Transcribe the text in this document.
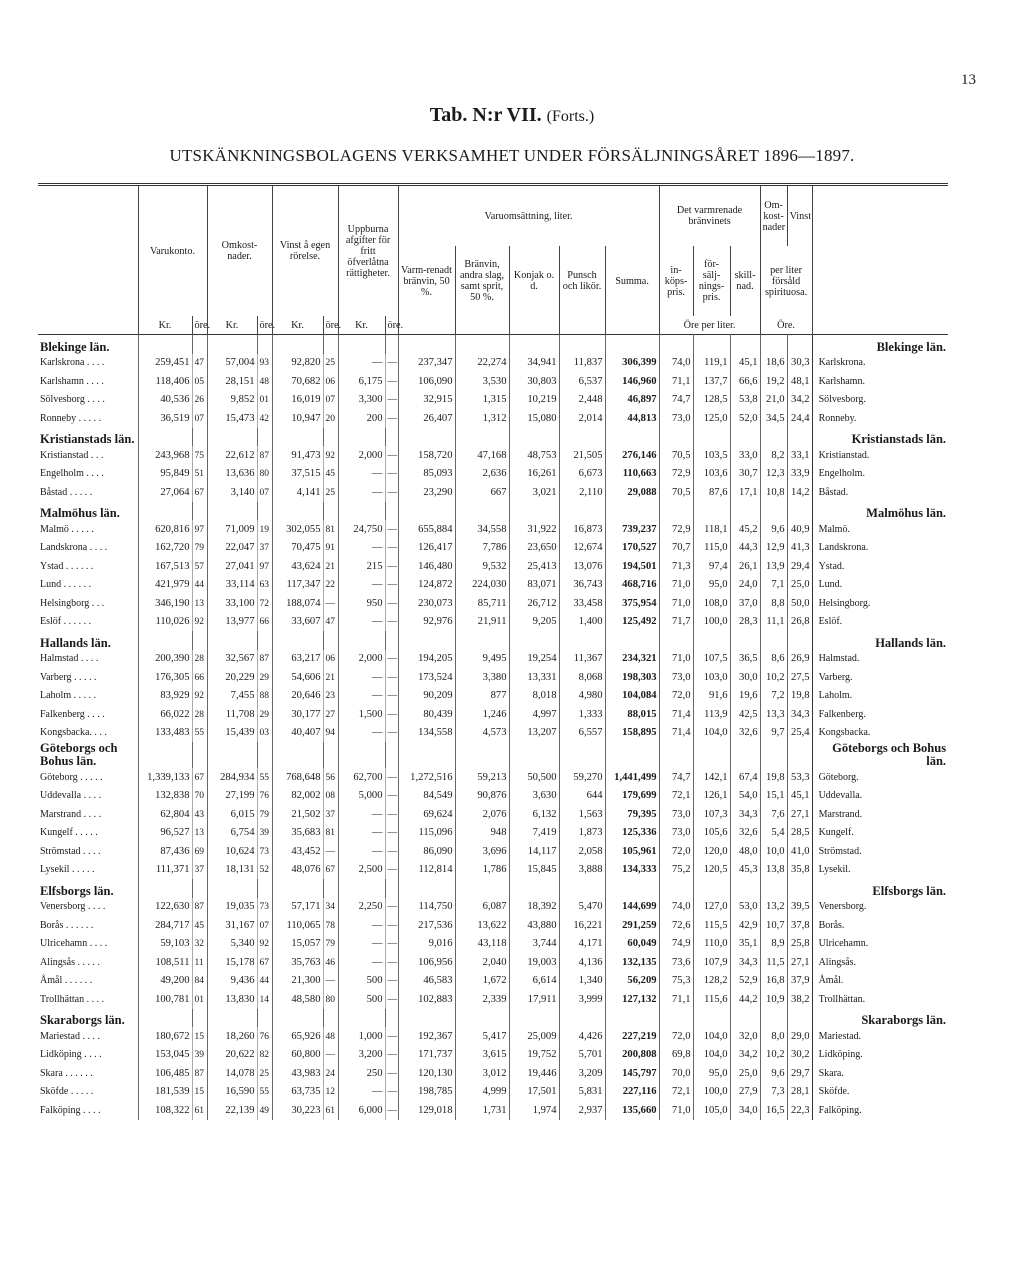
13
Tab. N:r VII. (Forts.)
UTSKÄNKNINGSBOLAGENS VERKSAMHET UNDER FÖRSÄLJNINGSÅRET 1896—1897.
	Varukonto.		Omkost-nader.		Vinst å egen rörelse.		Uppburna afgifter för fritt öfverlåtna rättigheter.		Varuomsättning, liter.					Det varmrenade bränvinets			Om-kost-nader	Vinst	
									Varm-renadt bränvin, 50 %.	Bränvin, andra slag, samt sprit, 50 %.	Konjak o. d.	Punsch och likör.	Summa.	in-köps-pris.	för-sälj-nings-pris.	skill-nad.	per liter försåld spirituosa.		
	Kr.	öre.	Kr.	öre.	Kr.	öre.	Kr.	öre.						Öre per liter.			Öre.		
Blekinge län.																			Blekinge län.
Karlskrona . . . .	259,451	47	57,004	93	92,820	25	—	—	237,347	22,274	34,941	11,837	306,399	74,0	119,1	45,1	18,6	30,3	Karlskrona.
Karlshamn . . . .	118,406	05	28,151	48	70,682	06	6,175	—	106,090	3,530	30,803	6,537	146,960	71,1	137,7	66,6	19,2	48,1	Karlshamn.
Sölvesborg . . . .	40,536	26	9,852	01	16,019	07	3,300	—	32,915	1,315	10,219	2,448	46,897	74,7	128,5	53,8	21,0	34,2	Sölvesborg.
Ronneby . . . . .	36,519	07	15,473	42	10,947	20	200	—	26,407	1,312	15,080	2,014	44,813	73,0	125,0	52,0	34,5	24,4	Ronneby.
Kristianstads län.																			Kristianstads län.
Kristianstad . . .	243,968	75	22,612	87	91,473	92	2,000	—	158,720	47,168	48,753	21,505	276,146	70,5	103,5	33,0	8,2	33,1	Kristianstad.
Engelholm . . . .	95,849	51	13,636	80	37,515	45	—	—	85,093	2,636	16,261	6,673	110,663	72,9	103,6	30,7	12,3	33,9	Engelholm.
Båstad . . . . .	27,064	67	3,140	07	4,141	25	—	—	23,290	667	3,021	2,110	29,088	70,5	87,6	17,1	10,8	14,2	Båstad.
Malmöhus län.																			Malmöhus län.
Malmö . . . . .	620,816	97	71,009	19	302,055	81	24,750	—	655,884	34,558	31,922	16,873	739,237	72,9	118,1	45,2	9,6	40,9	Malmö.
Landskrona . . . .	162,720	79	22,047	37	70,475	91	—	—	126,417	7,786	23,650	12,674	170,527	70,7	115,0	44,3	12,9	41,3	Landskrona.
Ystad . . . . . .	167,513	57	27,041	97	43,624	21	215	—	146,480	9,532	25,413	13,076	194,501	71,3	97,4	26,1	13,9	29,4	Ystad.
Lund . . . . . .	421,979	44	33,114	63	117,347	22	—	—	124,872	224,030	83,071	36,743	468,716	71,0	95,0	24,0	7,1	25,0	Lund.
Helsingborg . . .	346,190	13	33,100	72	188,074	—	950	—	230,073	85,711	26,712	33,458	375,954	71,0	108,0	37,0	8,8	50,0	Helsingborg.
Eslöf . . . . . .	110,026	92	13,977	66	33,607	47	—	—	92,976	21,911	9,205	1,400	125,492	71,7	100,0	28,3	11,1	26,8	Eslöf.
Hallands län.																			Hallands län.
Halmstad . . . .	200,390	28	32,567	87	63,217	06	2,000	—	194,205	9,495	19,254	11,367	234,321	71,0	107,5	36,5	8,6	26,9	Halmstad.
Varberg . . . . .	176,305	66	20,229	29	54,606	21	—	—	173,524	3,380	13,331	8,068	198,303	73,0	103,0	30,0	10,2	27,5	Varberg.
Laholm . . . . .	83,929	92	7,455	88	20,646	23	—	—	90,209	877	8,018	4,980	104,084	72,0	91,6	19,6	7,2	19,8	Laholm.
Falkenberg . . . .	66,022	28	11,708	29	30,177	27	1,500	—	80,439	1,246	4,997	1,333	88,015	71,4	113,9	42,5	13,3	34,3	Falkenberg.
Kongsbacka. . . .	133,483	55	15,439	03	40,407	94	—	—	134,558	4,573	13,207	6,557	158,895	71,4	104,0	32,6	9,7	25,4	Kongsbacka.
Göteborgs och Bohus län.																			Göteborgs och Bohus län.
Göteborg . . . . .	1,339,133	67	284,934	55	768,648	56	62,700	—	1,272,516	59,213	50,500	59,270	1,441,499	74,7	142,1	67,4	19,8	53,3	Göteborg.
Uddevalla . . . .	132,838	70	27,199	76	82,002	08	5,000	—	84,549	90,876	3,630	644	179,699	72,1	126,1	54,0	15,1	45,1	Uddevalla.
Marstrand . . . .	62,804	43	6,015	79	21,502	37	—	—	69,624	2,076	6,132	1,563	79,395	73,0	107,3	34,3	7,6	27,1	Marstrand.
Kungelf . . . . .	96,527	13	6,754	39	35,683	81	—	—	115,096	948	7,419	1,873	125,336	73,0	105,6	32,6	5,4	28,5	Kungelf.
Strömstad . . . .	87,436	69	10,624	73	43,452	—	—	—	86,090	3,696	14,117	2,058	105,961	72,0	120,0	48,0	10,0	41,0	Strömstad.
Lysekil . . . . .	111,371	37	18,131	52	48,076	67	2,500	—	112,814	1,786	15,845	3,888	134,333	75,2	120,5	45,3	13,8	35,8	Lysekil.
Elfsborgs län.																			Elfsborgs län.
Venersborg . . . .	122,630	87	19,035	73	57,171	34	2,250	—	114,750	6,087	18,392	5,470	144,699	74,0	127,0	53,0	13,2	39,5	Venersborg.
Borås . . . . . .	284,717	45	31,167	07	110,065	78	—	—	217,536	13,622	43,880	16,221	291,259	72,6	115,5	42,9	10,7	37,8	Borås.
Ulricehamn . . . .	59,103	32	5,340	92	15,057	79	—	—	9,016	43,118	3,744	4,171	60,049	74,9	110,0	35,1	8,9	25,8	Ulricehamn.
Alingsås . . . . .	108,511	11	15,178	67	35,763	46	—	—	106,956	2,040	19,003	4,136	132,135	73,6	107,9	34,3	11,5	27,1	Alingsås.
Åmål . . . . . .	49,200	84	9,436	44	21,300	—	500	—	46,583	1,672	6,614	1,340	56,209	75,3	128,2	52,9	16,8	37,9	Åmål.
Trollhättan . . . .	100,781	01	13,830	14	48,580	80	500	—	102,883	2,339	17,911	3,999	127,132	71,1	115,6	44,2	10,9	38,2	Trollhättan.
Skaraborgs län.																			Skaraborgs län.
Mariestad . . . .	180,672	15	18,260	76	65,926	48	1,000	—	192,367	5,417	25,009	4,426	227,219	72,0	104,0	32,0	8,0	29,0	Mariestad.
Lidköping . . . .	153,045	39	20,622	82	60,800	—	3,200	—	171,737	3,615	19,752	5,701	200,808	69,8	104,0	34,2	10,2	30,2	Lidköping.
Skara . . . . . .	106,485	87	14,078	25	43,983	24	250	—	120,130	3,012	19,446	3,209	145,797	70,0	95,0	25,0	9,6	29,7	Skara.
Sköfde . . . . .	181,539	15	16,590	55	63,735	12	—	—	198,785	4,999	17,501	5,831	227,116	72,1	100,0	27,9	7,3	28,1	Sköfde.
Falköping . . . .	108,322	61	22,139	49	30,223	61	6,000	—	129,018	1,731	1,974	2,937	135,660	71,0	105,0	34,0	16,5	22,3	Falköping.
